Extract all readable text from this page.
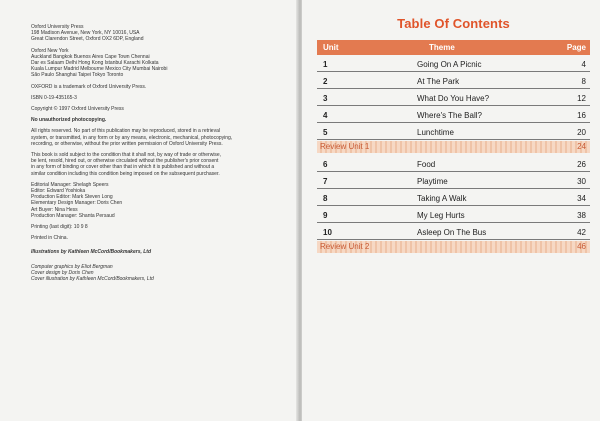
Oxford University Press
198 Madison Avenue, New York, NY 10016, USA
Great Clarendon Street, Oxford OX2 6DP, England
Oxford New York
Auckland Bangkok Buenos Aires Cape Town Chennai
Dar es Salaam Delhi Hong Kong Istanbul Karachi Kolkata
Kuala Lumpur Madrid Melbourne Mexico City Mumbai Nairobi
São Paulo Shanghai Taipei Tokyo Toronto

OXFORD is a trademark of Oxford University Press.

ISBN 0-19-435165-3

Copyright © 1997 Oxford University Press

No unauthorized photocopying.

All rights reserved. No part of this publication may be reproduced, stored in a retrieval
system, or transmitted, in any form or by any means, electronic, mechanical, photocopying,
recording, or otherwise, without the prior written permission of Oxford University Press.
This book is sold subject to the condition that it shall not, by way of trade or otherwise,
be lent, resold, hired out, or otherwise circulated without the publisher's prior consent
in any form of binding or cover other than that in which it is published and without a
similar condition including this condition being imposed on the subsequent purchaser.
Editorial Manager: Shelagh Speers
Editor: Edward Yoshioka
Production Editor: Mark Steven Long
Elementary Design Manager: Doris Chen
Art Buyer: Nina Hess
Production Manager: Shanta Persaud

Printing (last digit): 10 9 8

Printed in China.

Illustrations by Kathleen McCord/Bookmakers, Ltd

Computer graphics by Eliot Bergman
Cover design by Doris Chen
Cover illustration by Kathleen McCord/Bookmakers, Ltd
Table Of Contents
Unit	Theme	Page
1	Going On A Picnic	4
2	At The Park	8
3	What Do You Have?	12
4	Where's The Ball?	16
5	Lunchtime	20
Review Unit 1	24
6	Food	26
7	Playtime	30
8	Taking A Walk	34
9	My Leg Hurts	38
10	Asleep On The Bus	42
Review Unit 2	46
